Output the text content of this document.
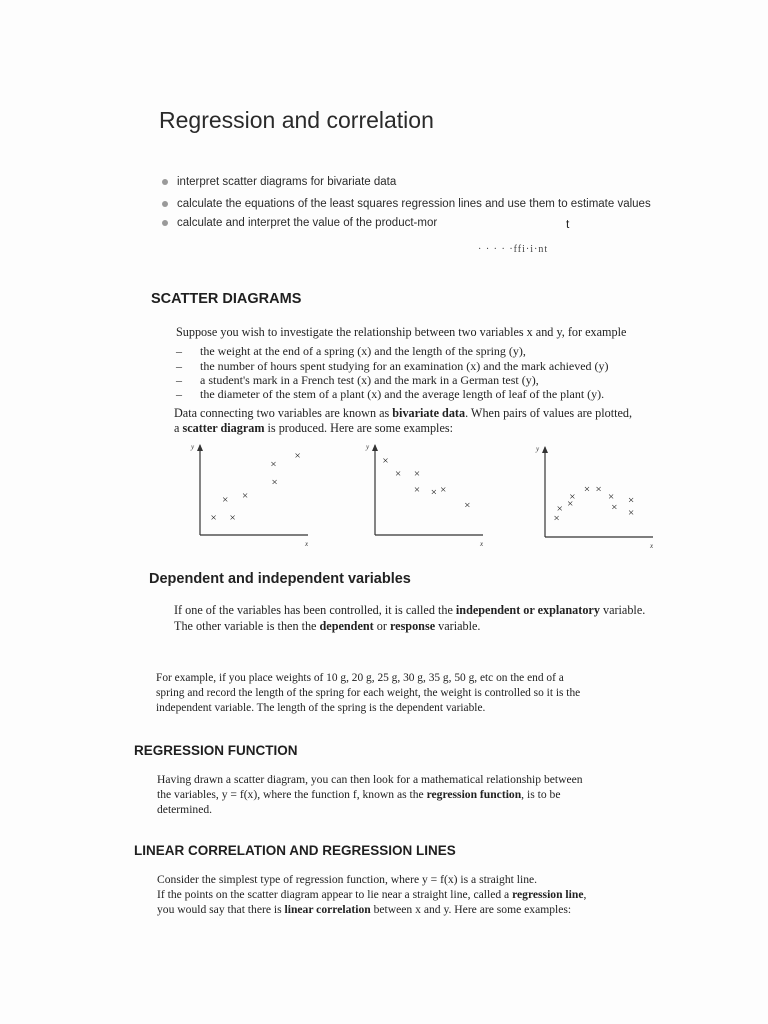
Regression and correlation
interpret scatter diagrams for bivariate data
calculate the equations of the least squares regression lines and use them to estimate values
calculate and interpret the value of the product-mor	t
· · · · ·ffi·i·nt
SCATTER DIAGRAMS
Suppose you wish to investigate the relationship between two variables x and y, for example
– the weight at the end of a spring (x) and the length of the spring (y),
– the number of hours spent studying for an examination (x) and the mark achieved (y)
– a student's mark in a French test (x) and the mark in a German test (y),
– the diameter of the stem of a plant (x) and the average length of leaf of the plant (y).
Data connecting two variables are known as bivariate data. When pairs of values are plotted,
a scatter diagram is produced. Here are some examples:
y
x
× ×
× ×
×
×
×
y
x
×
× ×
× × ×
×
y
x
×
× ×
×
× ×
×
×
×
×
Dependent and independent variables
If one of the variables has been controlled, it is called the independent or explanatory variable.
The other variable is then the dependent or response variable.
For example, if you place weights of 10 g, 20 g, 25 g, 30 g, 35 g, 50 g, etc on the end of a
spring and record the length of the spring for each weight, the weight is controlled so it is the
independent variable. The length of the spring is the dependent variable.
REGRESSION FUNCTION
Having drawn a scatter diagram, you can then look for a mathematical relationship between
the variables, y = f(x), where the function f, known as the regression function, is to be
determined.
LINEAR CORRELATION AND REGRESSION LINES
Consider the simplest type of regression function, where y = f(x) is a straight line.
If the points on the scatter diagram appear to lie near a straight line, called a regression line,
you would say that there is linear correlation between x and y. Here are some examples:
